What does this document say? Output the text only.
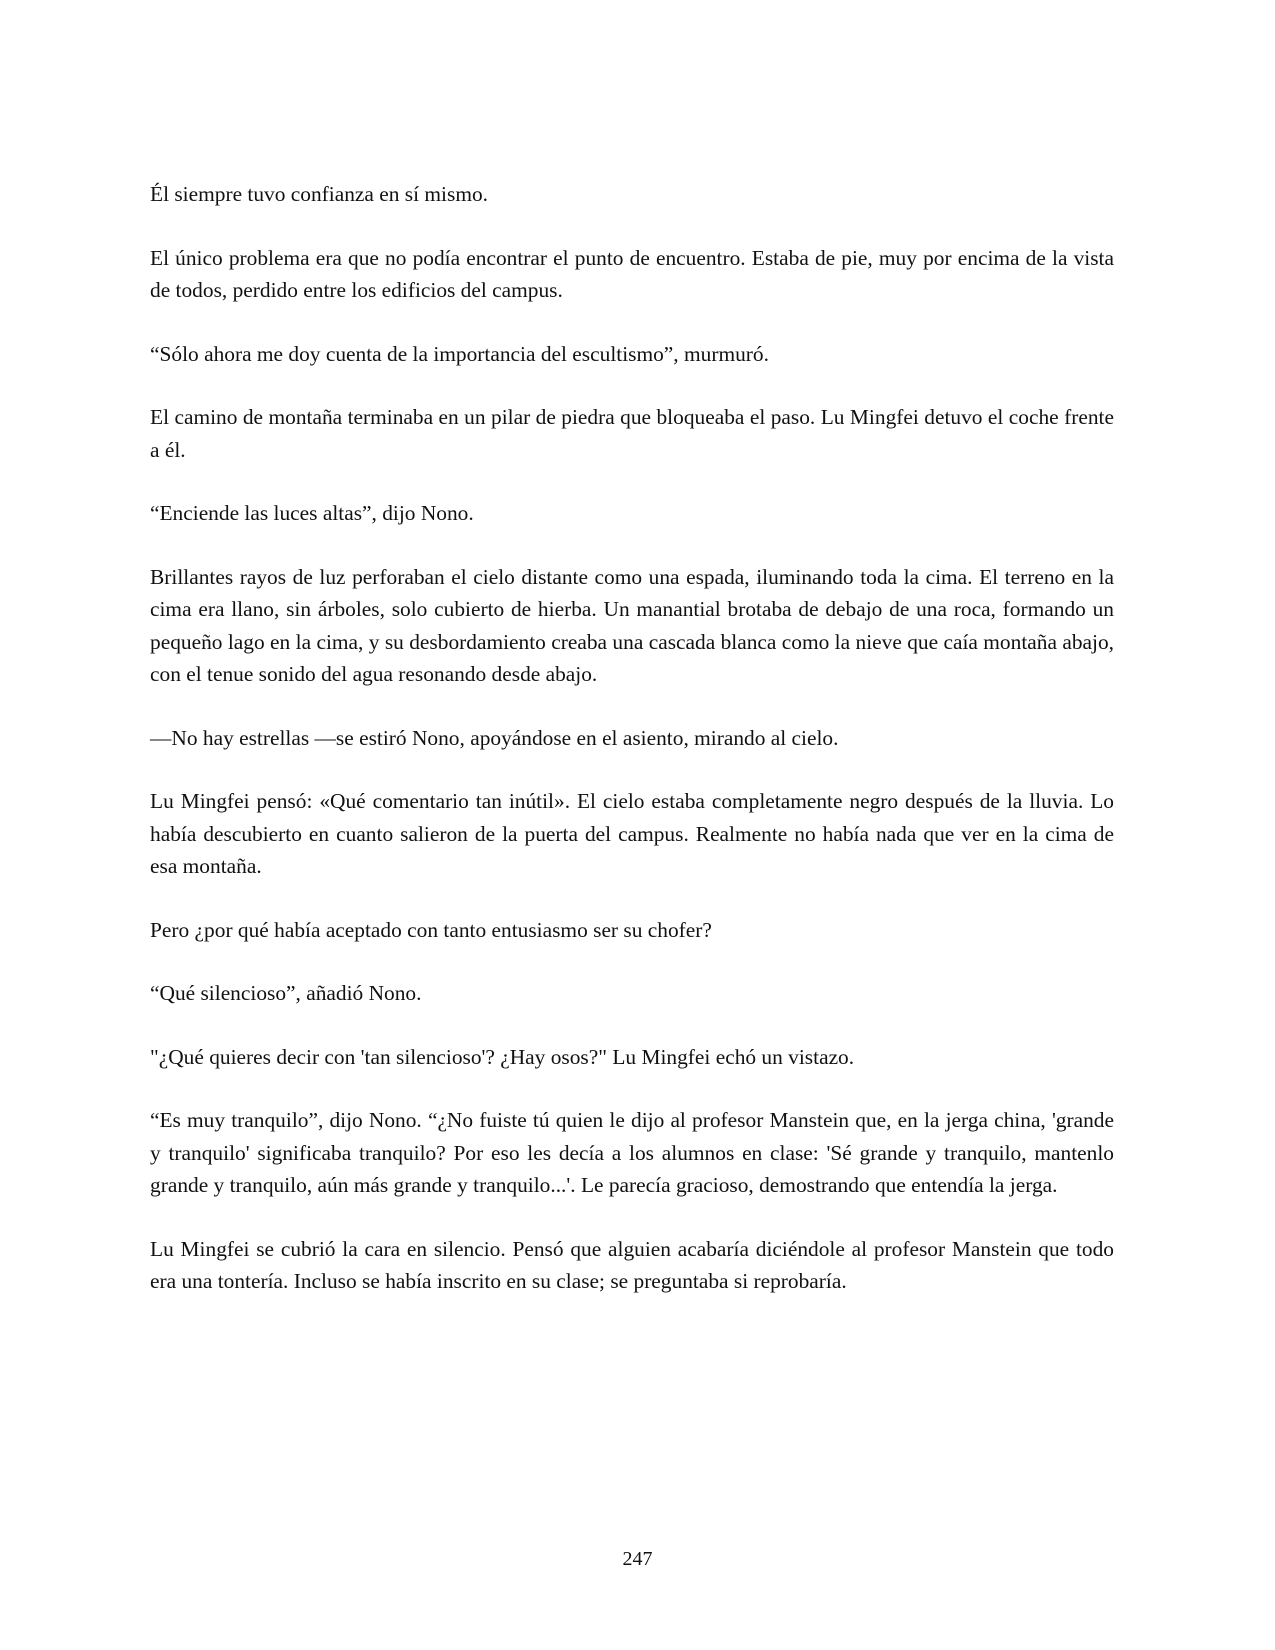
Él siempre tuvo confianza en sí mismo.

El único problema era que no podía encontrar el punto de encuentro. Estaba de pie, muy por encima de la vista de todos, perdido entre los edificios del campus.

“Sólo ahora me doy cuenta de la importancia del escultismo”, murmuró.

El camino de montaña terminaba en un pilar de piedra que bloqueaba el paso. Lu Mingfei detuvo el coche frente a él.

“Enciende las luces altas”, dijo Nono.

Brillantes rayos de luz perforaban el cielo distante como una espada, iluminando toda la cima. El terreno en la cima era llano, sin árboles, solo cubierto de hierba. Un manantial brotaba de debajo de una roca, formando un pequeño lago en la cima, y su desbordamiento creaba una cascada blanca como la nieve que caía montaña abajo, con el tenue sonido del agua resonando desde abajo.

—No hay estrellas —se estiró Nono, apoyándose en el asiento, mirando al cielo.

Lu Mingfei pensó: «Qué comentario tan inútil». El cielo estaba completamente negro después de la lluvia. Lo había descubierto en cuanto salieron de la puerta del campus. Realmente no había nada que ver en la cima de esa montaña.

Pero ¿por qué había aceptado con tanto entusiasmo ser su chofer?

“Qué silencioso”, añadió Nono.

"¿Qué quieres decir con 'tan silencioso'? ¿Hay osos?" Lu Mingfei echó un vistazo.

“Es muy tranquilo”, dijo Nono. “¿No fuiste tú quien le dijo al profesor Manstein que, en la jerga china, 'grande y tranquilo' significaba tranquilo? Por eso les decía a los alumnos en clase: 'Sé grande y tranquilo, mantenlo grande y tranquilo, aún más grande y tranquilo...'. Le parecía gracioso, demostrando que entendía la jerga.

Lu Mingfei se cubrió la cara en silencio. Pensó que alguien acabaría diciéndole al profesor Manstein que todo era una tontería. Incluso se había inscrito en su clase; se preguntaba si reprobaría.

247
